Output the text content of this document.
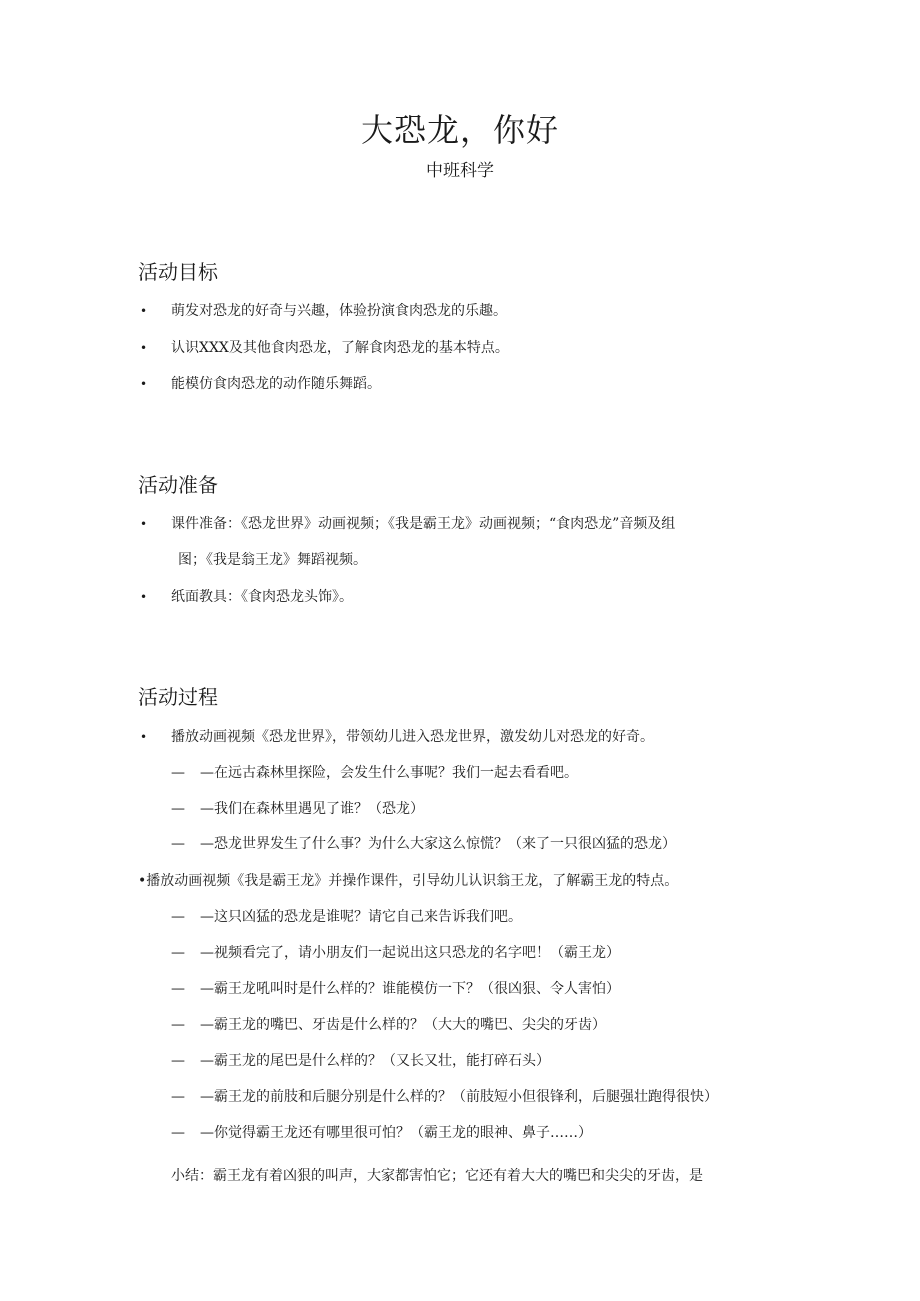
大恐龙，你好
中班科学
活动目标
• 萌发对恐龙的好奇与兴趣，体验扮演食肉恐龙的乐趣。
• 认识XXX及其他食肉恐龙，了解食肉恐龙的基本特点。
• 能模仿食肉恐龙的动作随乐舞蹈。
活动准备
• 课件准备：《恐龙世界》动画视频；《我是霸王龙》动画视频；“食肉恐龙”音频及组
图；《我是翁王龙》舞蹈视频。
• 纸面教具：《食肉恐龙头饰》。
活动过程
• 播放动画视频《恐龙世界》，带领幼儿进入恐龙世界，激发幼儿对恐龙的好奇。
— —在远古森林里探险，会发生什么事呢？我们一起去看看吧。
— —我们在森林里遇见了谁？（恐龙）
— —恐龙世界发生了什么事？为什么大家这么惊慌？（来了一只很凶猛的恐龙）
•播放动画视频《我是霸王龙》并操作课件，引导幼儿认识翁王龙，了解霸王龙的特点。
— —这只凶猛的恐龙是谁呢？请它自己来告诉我们吧。
— —视频看完了，请小朋友们一起说出这只恐龙的名字吧！（霸王龙）
— —霸王龙吼叫时是什么样的？谁能模仿一下？（很凶狠、令人害怕）
— —霸王龙的嘴巴、牙齿是什么样的？（大大的嘴巴、尖尖的牙齿）
— —霸王龙的尾巴是什么样的？（又长又壮，能打碎石头）
— —霸王龙的前肢和后腿分别是什么样的？（前肢短小但很锋利，后腿强壮跑得很快）
— —你觉得霸王龙还有哪里很可怕？（霸王龙的眼神、鼻子……）
小结：霸王龙有着凶狠的叫声，大家都害怕它；它还有着大大的嘴巴和尖尖的牙齿，是
